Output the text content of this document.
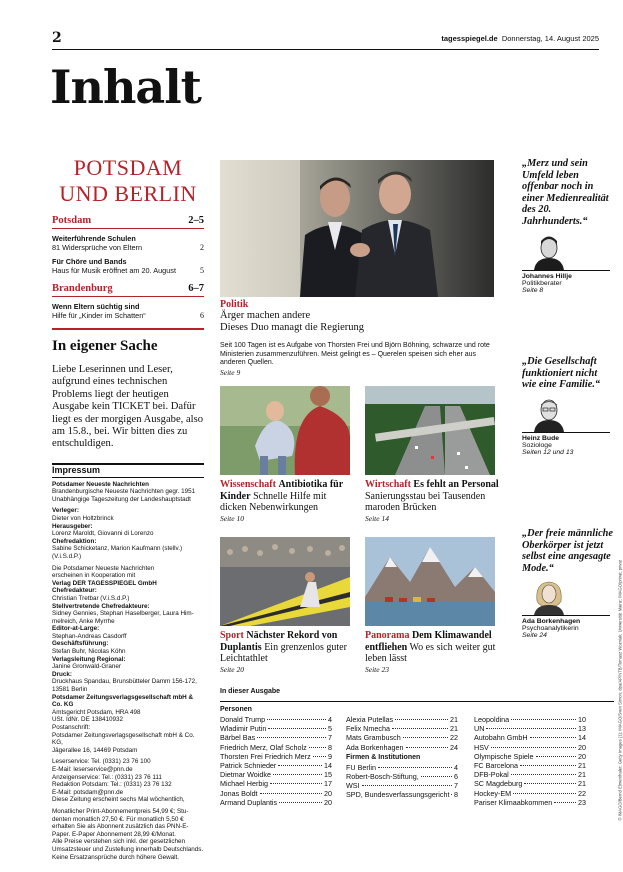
2	tagesspiegel.de Donnerstag, 14. August 2025
Inhalt
POTSDAM
UND BERLIN
Potsdam	2–5
Weiterführende Schulen
81 Widersprüche von Eltern	2
Für Chöre und Bands
Haus für Musik eröffnet am 20. August	5
Brandenburg	6–7
Wenn Eltern süchtig sind
Hilfe für „Kinder im Schatten“	6
In eigener Sache

Liebe Leserinnen und Leser, aufgrund eines technischen Problems liegt der heutigen Ausgabe kein TICKET bei. Dafür liegt es der morgigen Ausgabe, also am 15.8., bei. Wir bitten dies zu entschuldigen.

Impressum
Potsdamer Neueste Nachrichten
Brandenburgische Neueste Nachrichten gegr. 1951
Unabhängige Tageszeitung der Landeshauptstadt
Verleger:
Dieter von Holtzbrinck
Herausgeber:
Lorenz Maroldt, Giovanni di Lorenzo
Chefredaktion:
Sabine Schicketanz, Marion Kaufmann (stellv.)
(V.i.S.d.P.)
Die Potsdamer Neueste Nachrichten
erscheinen in Kooperation mit
Verlag DER TAGESSPIEGEL GmbH
Chefredakteur:
Christian Tretbar (V.i.S.d.P.)
Stellvertretende Chefredakteure:
Sidney Gennies, Stephan Haselberger, Laura Him-
melreich, Anke Myrrhe
Editor-at-Large:
Stephan-Andreas Casdorff
Geschäftsführung:
Stefan Buhr, Nicolas Köhn
Verlagsleitung Regional:
Janine Gronwald-Graner
Druck:
Druckhaus Spandau, Brunsbütteler Damm 156-172,
13581 Berlin
Potsdamer Zeitungsverlagsgesellschaft mbH & Co. KG
Amtsgericht Potsdam, HRA 498
USt. IdNr. DE 138410932
Postanschrift:
Potsdamer Zeitungsverlagsgesellschaft mbH & Co.
KG,
Jägerallee 16, 14469 Potsdam
Leserservice: Tel. (0331) 23 76 100
E-Mail: leserservice@pnn.de
Anzeigenservice: Tel.: (0331) 23 76 111
Redaktion Potsdam: Tel.: (0331) 23 76 132
E-Mail: potsdam@pnn.de
Diese Zeitung erscheint sechs Mal wöchentlich,
Monatlicher Print-Abonnementpreis 54,99 €; Stu-
denten monatlich 27,50 €. Für monatlich 5,50 €
erhalten Sie als Abonnent zusätzlich das PNN-E-
Paper. E-Paper Abonnement 28,99 €/Monat.
Alle Preise verstehen sich inkl. der gesetzlichen
Umsatzsteuer und Zustellung innerhalb Deutschlands.
Keine Ersatzansprüche durch höhere Gewalt.
Politik
Ärger machen andere
Dieses Duo managt die Regierung
Seit 100 Tagen ist es Aufgabe von Thorsten Frei und Björn Böhning, schwarze und rote Ministerien zusammenzuführen. Meist gelingt es – Querelen speisen sich eher aus anderen Quellen.
Seite 9
Wissenschaft Antibiotika für Kinder Schnelle Hilfe mit dicken Nebenwirkungen
Seite 10
Wirtschaft Es fehlt an Personal Sanierungsstau bei Tausenden maroden Brücken
Seite 14
Sport Nächster Rekord von Duplantis Ein grenzenlos guter Leichtathlet
Seite 20
Panorama Dem Klimawandel entfliehen Wo es sich weiter gut leben lässt
Seite 23
„Merz und sein Umfeld leben offenbar noch in einer Medienrealität des 20. Jahrhunderts.“
Johannes Hillje
Politikberater
Seite 8
„Die Gesellschaft funktioniert nicht wie eine Familie.“
Heinz Bude
Soziologe
Seiten 12 und 13
„Der freie männliche Oberkörper ist jetzt selbst eine angesagte Mode.“
Ada Borkenhagen
Psychoanalytikerin
Seite 24
In dieser Ausgabe
Personen
Donald Trump	4
Wladimir Putin	5
Bärbel Bas	7
Friedrich Merz, Olaf Scholz	8
Thorsten Frei Friedrich Merz 9
Patrick Schnieder	14
Dietmar Woidke	15
Michael Herbig	17
Jonas Boldt	20
Armand Duplantis	20
Alexia Putellas	21
Felix Nmecha	21
Mats Grambusch	22
Ada Borkenhagen	24
Firmen & Institutionen
FU Berlin	4
Robert-Bosch-Stiftung,	6
WSI	7
SPD, Bundesverfassungsgericht 8
Leopoldina	10
UN	13
Autobahn GmbH	14
HSV	20
Olympische Spiele	20
FC Barcelona	21
DFB-Pokal	21
SC Magdeburg	21
Hockey-EM	22
Pariser Klimaabkommen	23	© IMAGO/Bernd Elmenthaler; Getty Images (1); IMAGO/Sven Simon; dpa/AP/NTB/Tomasz Wozniak; Universität Mainz; IMAGO/privat; privat
